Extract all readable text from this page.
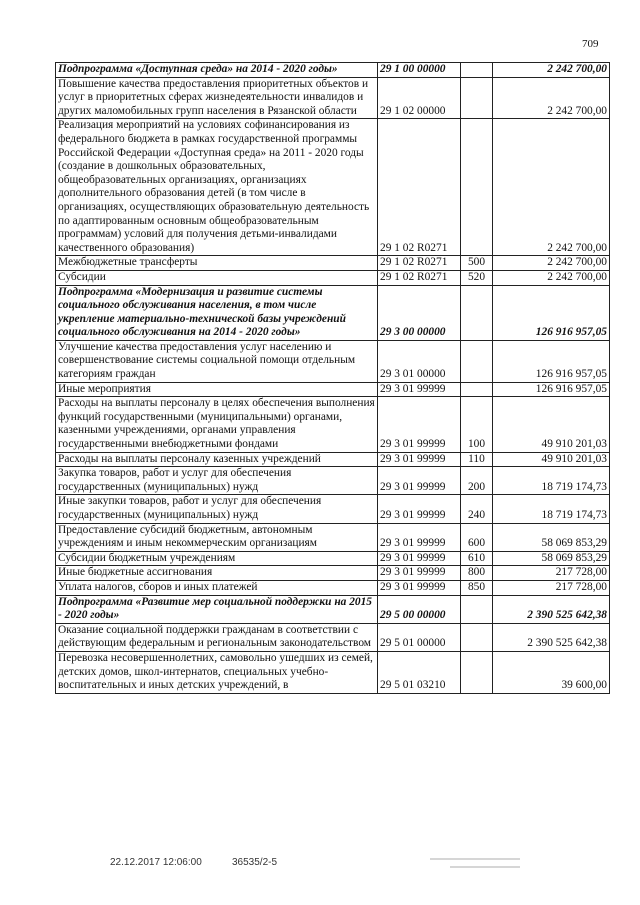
709
Подпрограмма «Доступная среда» на 2014 - 2020 годы»	29 1 00 00000		2 242 700,00
Повышение качества предоставления приоритетных объектов и услуг в приоритетных сферах жизнедеятельности инвалидов и других маломобильных групп населения в Рязанской области	29 1 02 00000		2 242 700,00
Реализация мероприятий на условиях софинансирования из федерального бюджета в рамках государственной программы Российской Федерации «Доступная среда» на 2011 - 2020 годы (создание в дошкольных образовательных, общеобразовательных организациях, организациях дополнительного образования детей (в том числе в организациях, осуществляющих образовательную деятельность по адаптированным основным общеобразовательным программам) условий для получения детьми-инвалидами качественного образования)	29 1 02 R0271		2 242 700,00
Межбюджетные трансферты	29 1 02 R0271	500	2 242 700,00
Субсидии	29 1 02 R0271	520	2 242 700,00
Подпрограмма «Модернизация и развитие системы социального обслуживания населения, в том числе укрепление материально-технической базы учреждений социального обслуживания на 2014 - 2020 годы»	29 3 00 00000		126 916 957,05
Улучшение качества предоставления услуг населению и совершенствование системы социальной помощи отдельным категориям граждан	29 3 01 00000		126 916 957,05
Иные мероприятия	29 3 01 99999		126 916 957,05
Расходы на выплаты персоналу в целях обеспечения выполнения функций государственными (муниципальными) органами, казенными учреждениями, органами управления государственными внебюджетными фондами	29 3 01 99999	100	49 910 201,03
Расходы на выплаты персоналу казенных учреждений	29 3 01 99999	110	49 910 201,03
Закупка товаров, работ и услуг для обеспечения государственных (муниципальных) нужд	29 3 01 99999	200	18 719 174,73
Иные закупки товаров, работ и услуг для обеспечения государственных (муниципальных) нужд	29 3 01 99999	240	18 719 174,73
Предоставление субсидий бюджетным, автономным учреждениям и иным некоммерческим организациям	29 3 01 99999	600	58 069 853,29
Субсидии бюджетным учреждениям	29 3 01 99999	610	58 069 853,29
Иные бюджетные ассигнования	29 3 01 99999	800	217 728,00
Уплата налогов, сборов и иных платежей	29 3 01 99999	850	217 728,00
Подпрограмма «Развитие мер социальной поддержки на 2015 - 2020 годы»	29 5 00 00000		2 390 525 642,38
Оказание социальной поддержки гражданам в соответствии с действующим федеральным и региональным законодательством	29 5 01 00000		2 390 525 642,38
Перевозка несовершеннолетних, самовольно ушедших из семей, детских домов, школ-интернатов, специальных учебно-воспитательных и иных детских учреждений, в	29 5 01 03210		39 600,00
22.12.2017 12:06:00	36535/2-5
